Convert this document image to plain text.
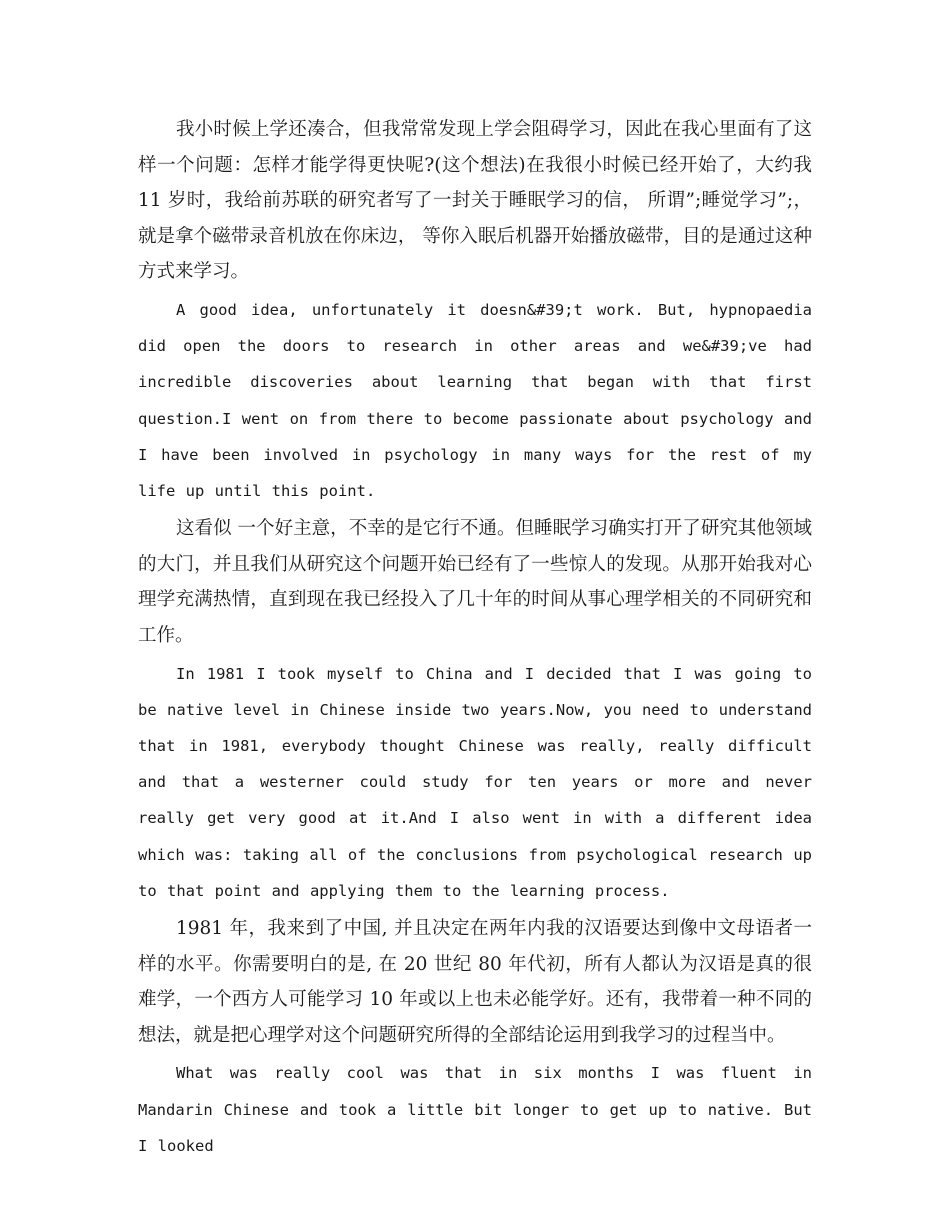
我小时候上学还凑合，但我常常发现上学会阻碍学习，因此在我心里面有了这样一个问题：怎样才能学得更快呢?(这个想法)在我很小时候已经开始了，大约我 11 岁时，我给前苏联的研究者写了一封关于睡眠学习的信， 所谓”;睡觉学习”;，就是拿个磁带录音机放在你床边， 等你入眠后机器开始播放磁带，目的是通过这种方式来学习。

A good idea, unfortunately it doesn&#39;t work. But, hypnopaedia did open the doors to research in other areas and we&#39;ve had incredible discoveries about learning that began with that first question.I went on from there to become passionate about psychology and I have been involved in psychology in many ways for the rest of my life up until this point.

这看似 一个好主意，不幸的是它行不通。但睡眠学习确实打开了研究其他领域的大门，并且我们从研究这个问题开始已经有了一些惊人的发现。从那开始我对心理学充满热情，直到现在我已经投入了几十年的时间从事心理学相关的不同研究和工作。

In 1981 I took myself to China and I decided that I was going to be native level in Chinese inside two years.Now, you need to understand that in 1981, everybody thought Chinese was really, really difficult and that a westerner could study for ten years or more and never really get very good at it.And I also went in with a different idea which was: taking all of the conclusions from psychological research up to that point and applying them to the learning process.

1981 年，我来到了中国, 并且决定在两年内我的汉语要达到像中文母语者一样的水平。你需要明白的是, 在 20 世纪 80 年代初，所有人都认为汉语是真的很难学，一个西方人可能学习 10 年或以上也未必能学好。还有，我带着一种不同的想法，就是把心理学对这个问题研究所得的全部结论运用到我学习的过程当中。

What was really cool was that in six months I was fluent in Mandarin Chinese and took a little bit longer to get up to native. But I looked
